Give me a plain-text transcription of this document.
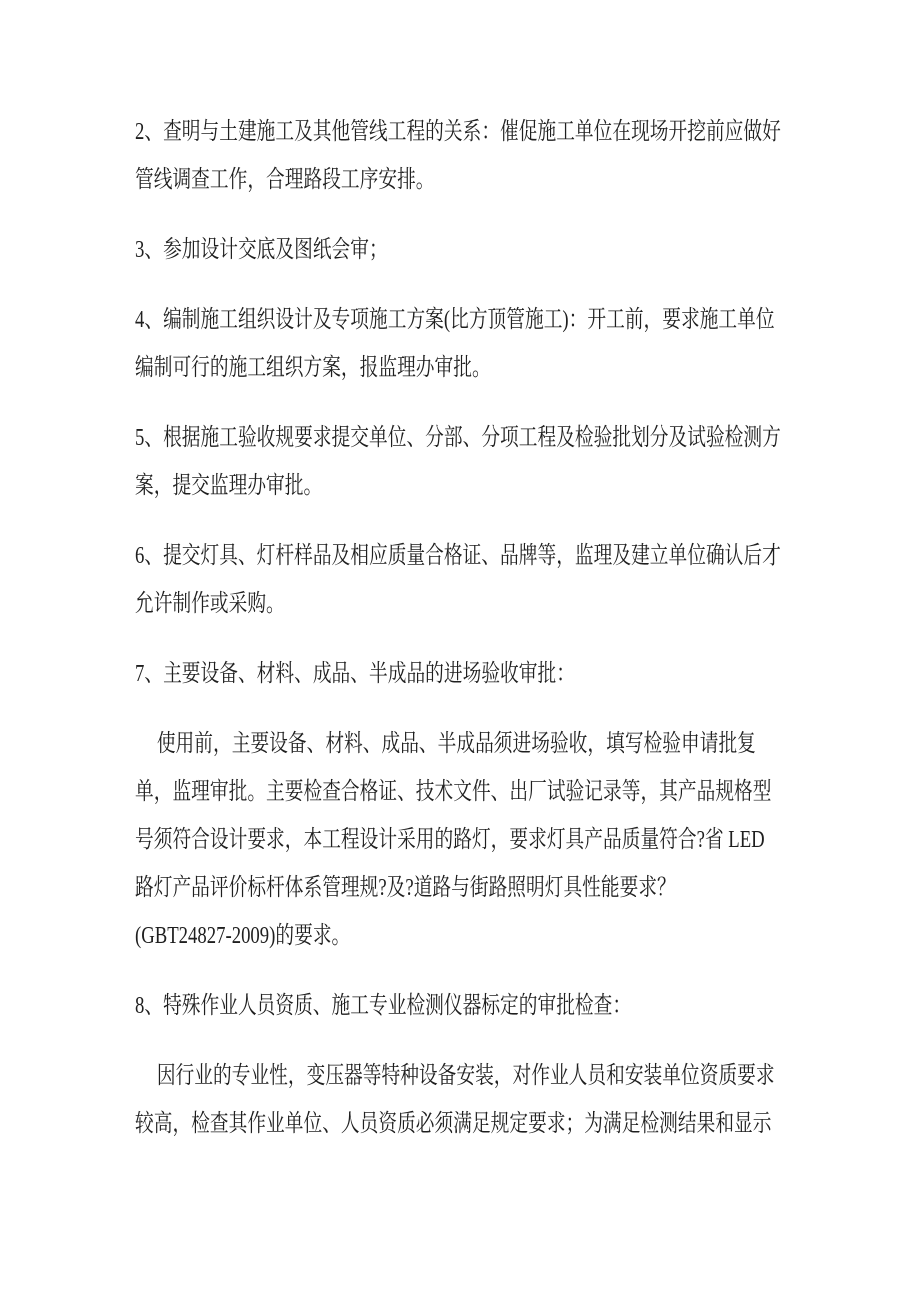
2、查明与土建施工及其他管线工程的关系：催促施工单位在现场开挖前应做好
管线调查工作，合理路段工序安排。
3、参加设计交底及图纸会审；
4、编制施工组织设计及专项施工方案(比方顶管施工)：开工前，要求施工单位
编制可行的施工组织方案，报监理办审批。
5、根据施工验收规要求提交单位、分部、分项工程及检验批划分及试验检测方
案，提交监理办审批。
6、提交灯具、灯杆样品及相应质量合格证、品牌等，监理及建立单位确认后才
允许制作或采购。
7、主要设备、材料、成品、半成品的进场验收审批：
使用前，主要设备、材料、成品、半成品须进场验收，填写检验申请批复
单，监理审批。主要检查合格证、技术文件、出厂试验记录等，其产品规格型
号须符合设计要求，本工程设计采用的路灯，要求灯具产品质量符合?省 LED
路灯产品评价标杆体系管理规?及?道路与街路照明灯具性能要求？
(GBT24827-2009)的要求。
8、特殊作业人员资质、施工专业检测仪器标定的审批检查：
因行业的专业性，变压器等特种设备安装，对作业人员和安装单位资质要求
较高，检查其作业单位、人员资质必须满足规定要求；为满足检测结果和显示
